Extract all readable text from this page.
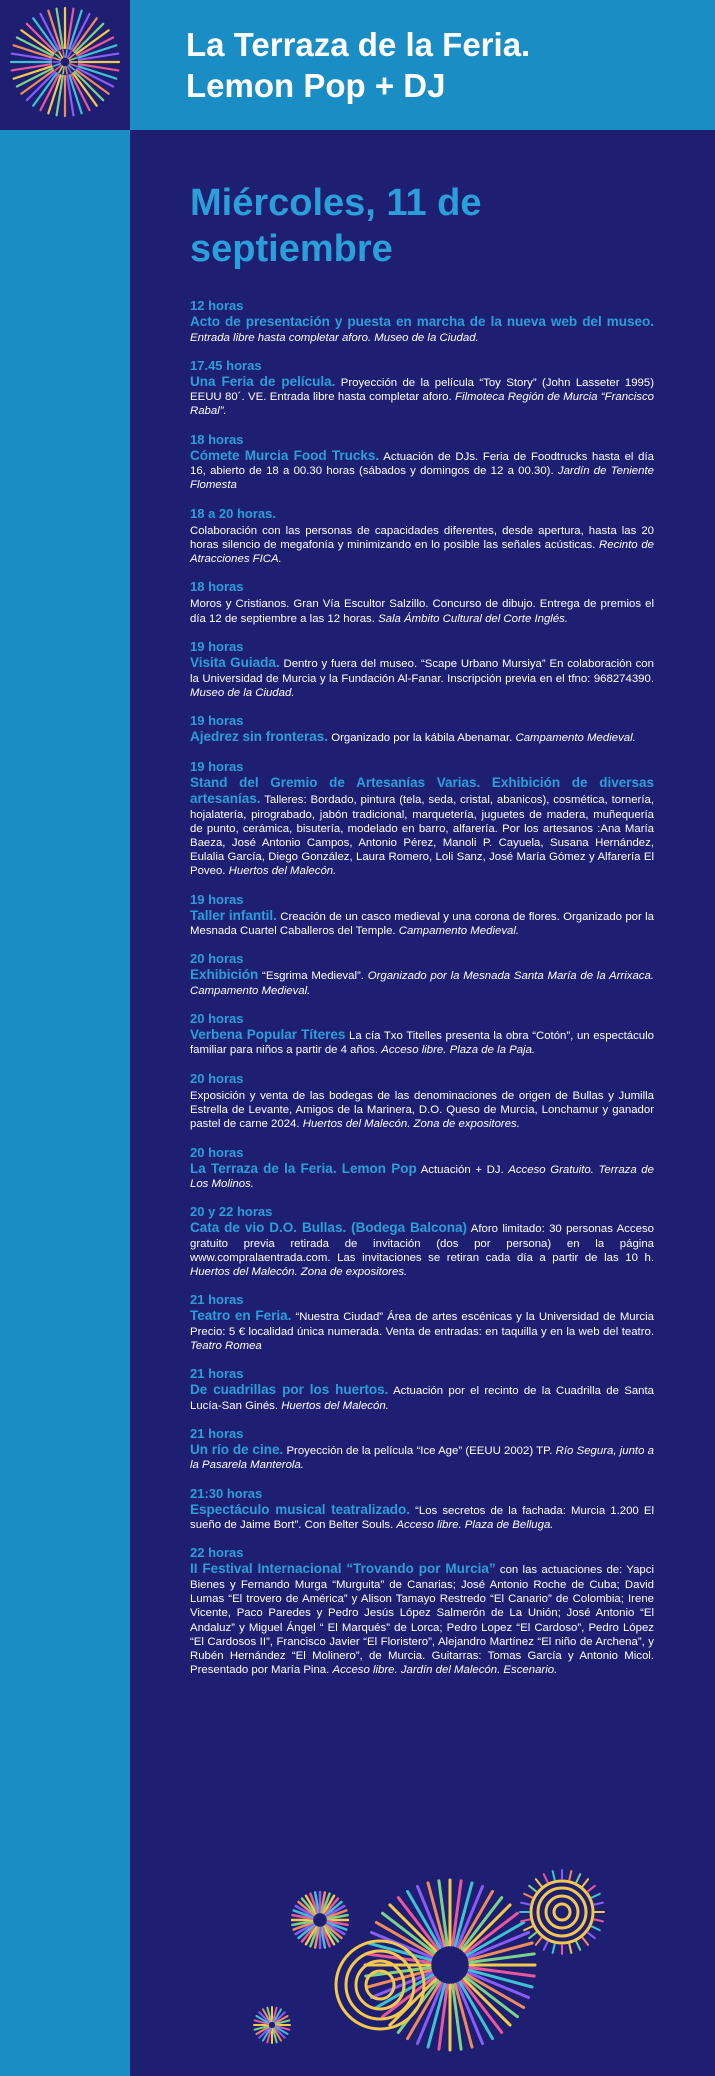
La Terraza de la Feria.
Lemon Pop + DJ
Miércoles, 11 de septiembre
12 horas
Acto de presentación y puesta en marcha de la nueva web del museo. Entrada libre hasta completar aforo. Museo de la Ciudad.
17.45 horas
Una Feria de película. Proyección de la película “Toy Story” (John Lasseter 1995) EEUU 80´. VE. Entrada libre hasta completar aforo. Filmoteca Región de Murcia “Francisco Rabal”.
18 horas
Cómete Murcia Food Trucks. Actuación de DJs. Feria de Foodtrucks hasta el día 16, abierto de 18 a 00.30 horas (sábados y domingos de 12 a 00.30). Jardín de Teniente Flomesta
18 a 20 horas.
Colaboración con las personas de capacidades diferentes, desde apertura, hasta las 20 horas silencio de megafonía y minimizando en lo posible las señales acústicas. Recinto de Atracciones FICA.
18 horas
Moros y Cristianos. Gran Vía Escultor Salzillo. Concurso de dibujo. Entrega de premios el día 12 de septiembre a las 12 horas. Sala Ámbito Cultural del Corte Inglés.
19 horas
Visita Guiada. Dentro y fuera del museo. “Scape Urbano Mursiya” En colaboración con la Universidad de Murcia y la Fundación Al-Fanar. Inscripción previa en el tfno: 968274390. Museo de la Ciudad.
19 horas
Ajedrez sin fronteras. Organizado por la kábila Abenamar. Campamento Medieval.
19 horas
Stand del Gremio de Artesanías Varias. Exhibición de diversas artesanías. Talleres: Bordado, pintura (tela, seda, cristal, abanicos), cosmética, tornería, hojalatería, pirograbado, jabón tradicional, marquetería, juguetes de madera, muñequería de punto, cerámica, bisutería, modelado en barro, alfarería. Por los artesanos :Ana María Baeza, José Antonio Campos, Antonio Pérez, Manoli P. Cayuela, Susana Hernández, Eulalia García, Diego González, Laura Romero, Loli Sanz, José María Gómez y Alfarería El Poveo. Huertos del Malecón.
19 horas
Taller infantil. Creación de un casco medieval y una corona de flores. Organizado por la Mesnada Cuartel Caballeros del Temple. Campamento Medieval.
20 horas
Exhibición “Esgrima Medieval”. Organizado por la Mesnada Santa María de la Arrixaca. Campamento Medieval.
20 horas
Verbena Popular Títeres La cía Txo Titelles presenta la obra “Cotón”, un espectáculo familiar para niños a partir de 4 años. Acceso libre. Plaza de la Paja.
20 horas
Exposición y venta de las bodegas de las denominaciones de origen de Bullas y Jumilla Estrella de Levante, Amigos de la Marinera, D.O. Queso de Murcia, Lonchamur y ganador pastel de carne 2024. Huertos del Malecón. Zona de expositores.
20 horas
La Terraza de la Feria. Lemon Pop Actuación + DJ. Acceso Gratuito. Terraza de Los Molinos.
20 y 22 horas
Cata de vio D.O. Bullas. (Bodega Balcona) Aforo limitado: 30 personas Acceso gratuito previa retirada de invitación (dos por persona) en la página www.compralaentrada.com. Las invitaciones se retiran cada día a partir de las 10 h. Huertos del Malecón. Zona de expositores.
21 horas
Teatro en Feria. “Nuestra Ciudad” Área de artes escénicas y la Universidad de Murcia Precio: 5 € localidad única numerada. Venta de entradas: en taquilla y en la web del teatro. Teatro Romea
21 horas
De cuadrillas por los huertos. Actuación por el recinto de la Cuadrilla de Santa Lucía-San Ginés. Huertos del Malecón.
21 horas
Un río de cine. Proyección de la película “Ice Age” (EEUU 2002) TP. Río Segura, junto a la Pasarela Manterola.
21:30 horas
Espectáculo musical teatralizado. “Los secretos de la fachada: Murcia 1.200 El sueño de Jaime Bort”. Con Belter Souls. Acceso libre. Plaza de Belluga.
22 horas
II Festival Internacional “Trovando por Murcia” con las actuaciones de: Yapci Bienes y Fernando Murga “Murguita” de Canarias; José Antonio Roche de Cuba; David Lumas “El trovero de América” y Alison Tamayo Restredo “El Canario” de Colombia; Irene Vicente, Paco Paredes y Pedro Jesús López Salmerón de La Unión; José Antonio “El Andaluz” y Miguel Ángel “ El Marqués” de Lorca; Pedro Lopez “El Cardoso”, Pedro López “El Cardosos II”, Francisco Javier “El Floristero”, Alejandro Martínez “El niño de Archena”, y Rubén Hernández “El Molinero”, de Murcia. Guitarras: Tomas García y Antonio Micol. Presentado por María Pina. Acceso libre. Jardín del Malecón. Escenario.
